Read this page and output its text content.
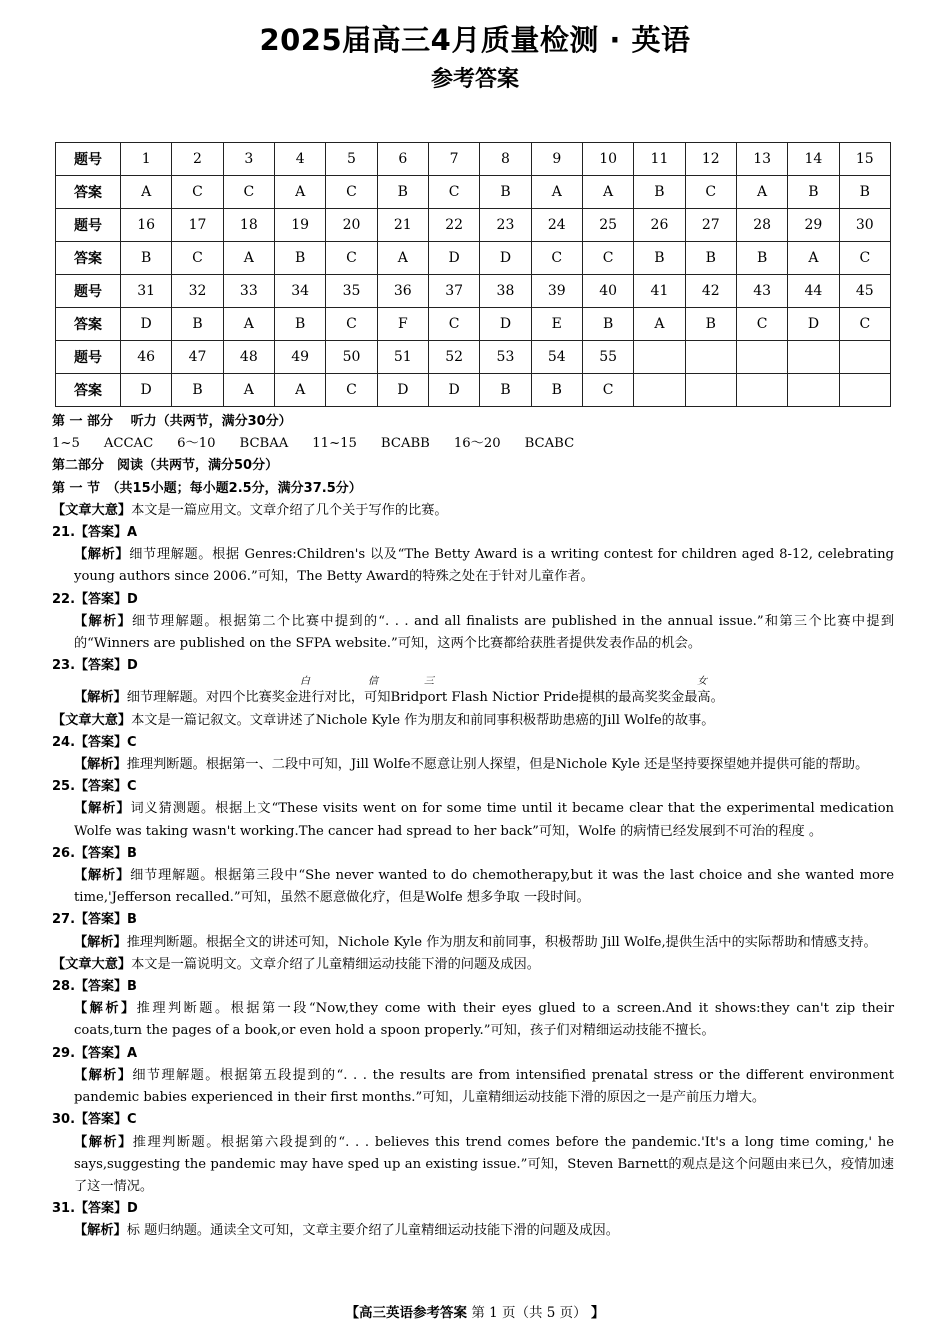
2025届高三4月质量检测 · 英语
参考答案
题号	1	2	3	4	5	6	7	8	9	10	11	12	13	14	15
答案	A	C	C	A	C	B	C	B	A	A	B	C	A	B	B
题号	16	17	18	19	20	21	22	23	24	25	26	27	28	29	30
答案	B	C	A	B	C	A	D	D	C	C	B	B	B	A	C
题号	31	32	33	34	35	36	37	38	39	40	41	42	43	44	45
答案	D	B	A	B	C	F	C	D	E	B	A	B	C	D	C
题号	46	47	48	49	50	51	52	53	54	55					
答案	D	B	A	A	C	D	D	B	B	C					
第 一 部分　 听力（共两节，满分30分）
1~5 ACCAC 6～10 BCBAA 11~15 BCABB 16～20 BCABC
第二部分　阅读（共两节，满分50分）
第 一 节　（共15小题；每小题2.5分，满分37.5分）
【文章大意】本文是一篇应用文。文章介绍了几个关于写作的比赛。
21.【答案】A
【解析】细节理解题。根据 Genres:Children's 以及“The Betty Award is a writing contest for children aged 8-12, celebrating young authors since 2006.”可知，The Betty Award的特殊之处在于针对儿童作者。
22.【答案】D
【解析】细节理解题。根据第二个比赛中提到的“. . . and all finalists are published in the annual issue.”和第三个比赛中提到的“Winners are published on the SFPA website.”可知，这两个比赛都给获胜者提供发表作品的机会。
23.【答案】D
白	信	三	女
【解析】细节理解题。对四个比赛奖金进行对比，可知Bridport Flash Nictior Pride提棋的最高奖奖金最高。
【文章大意】本文是一篇记叙文。文章讲述了Nichole Kyle 作为朋友和前同事积极帮助患癌的Jill Wolfe的故事。
24.【答案】C
【解析】推理判断题。根据第一、二段中可知，Jill Wolfe不愿意让别人探望，但是Nichole Kyle 还是坚持要探望她并提供可能的帮助。
25.【答案】C
【解析】词义猜测题。根据上文“These visits went on for some time until it became clear that the experimental medication Wolfe was taking wasn't working.The cancer had spread to her back”可知，Wolfe 的病情已经发展到不可治的程度 。
26.【答案】B
【解析】细节理解题。根据第三段中“She never wanted to do chemotherapy,but it was the last choice and she wanted more time,'Jefferson recalled.”可知，虽然不愿意做化疗，但是Wolfe 想多争取 一段时间。
27.【答案】B
【解析】推理判断题。根据全文的讲述可知，Nichole Kyle 作为朋友和前同事，积极帮助 Jill Wolfe,提供生活中的实际帮助和情感支持。
【文章大意】本文是一篇说明文。文章介绍了儿童精细运动技能下滑的问题及成因。
28.【答案】B
【解析】推理判断题。根据第一段“Now,they come with their eyes glued to a screen.And it shows:they can't zip their coats,turn the pages of a book,or even hold a spoon properly.”可知，孩子们对精细运动技能不擅长。
29.【答案】A
【解析】细节理解题。根据第五段提到的“. . . the results are from intensified prenatal stress or the different environment pandemic babies experienced in their first months.”可知，儿童精细运动技能下滑的原因之一是产前压力增大。
30.【答案】C
【解析】推理判断题。根据第六段提到的“. . . believes this trend comes before the pandemic.'It's a long time coming,' he says,suggesting the pandemic may have sped up an existing issue.”可知，Steven Barnett的观点是这个问题由来已久，疫情加速了这一情况。
31.【答案】D
【解析】标 题归纳题。通读全文可知，文章主要介绍了儿童精细运动技能下滑的问题及成因。
【高三英语参考答案 第 1 页（共 5 页） 】
